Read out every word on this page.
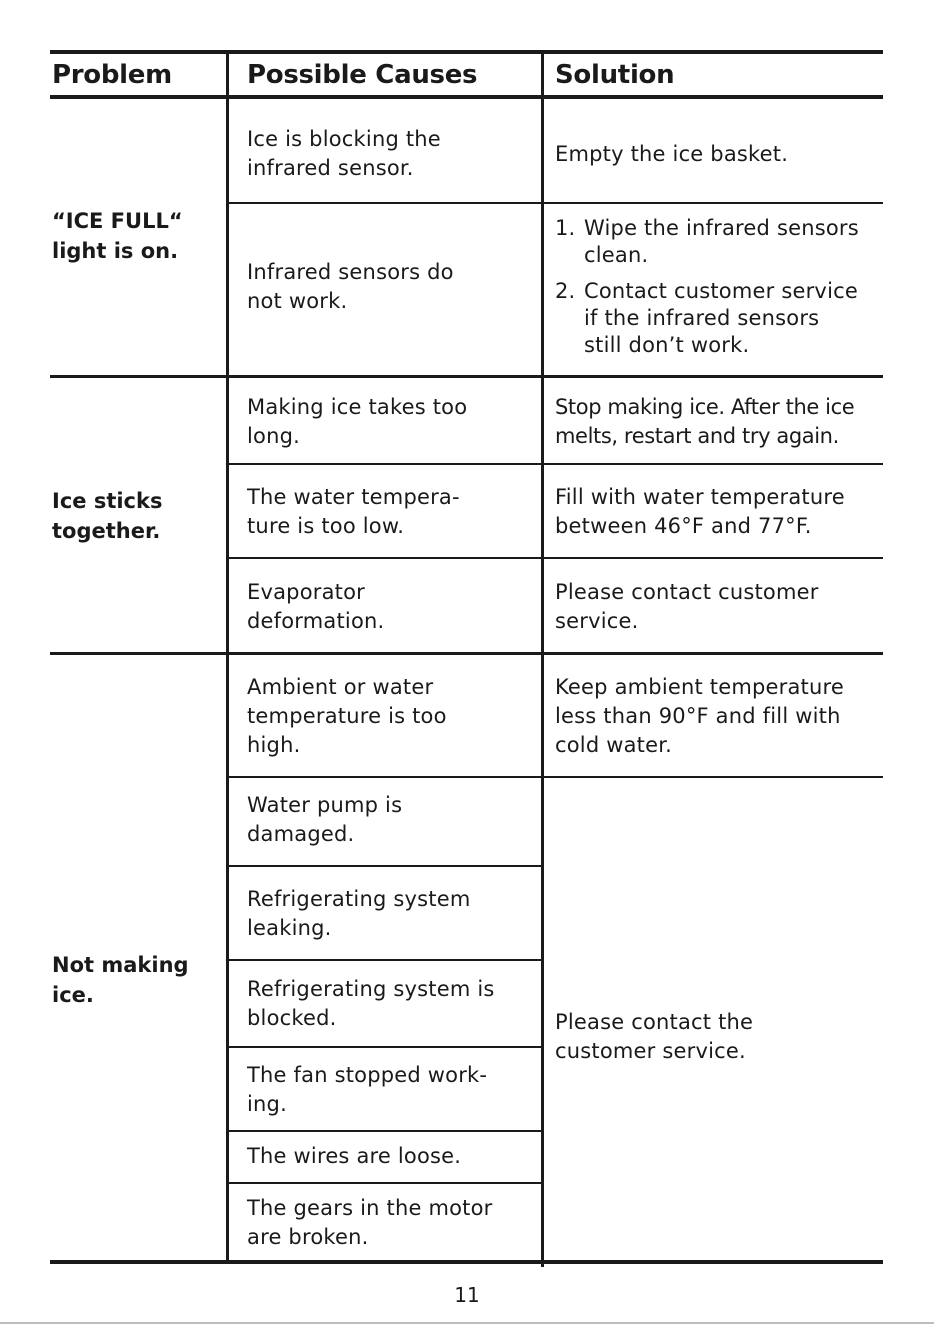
Problem	Possible Causes	Solution
“ICE FULL“
light is on.
Ice is blocking the
infrared sensor.
Empty the ice basket.
Infrared sensors do
not work.
1. Wipe the infrared sensors
clean.
2. Contact customer service
if the infrared sensors
still don’t work.
Ice sticks
together.
Making ice takes too
long.
Stop making ice. After the ice
melts, restart and try again.
The water tempera-
ture is too low.
Fill with water temperature
between 46°F and 77°F.
Evaporator
deformation.
Please contact customer
service.
Not making
ice.
Ambient or water
temperature is too
high.
Keep ambient temperature
less than 90°F and fill with
cold water.
Water pump is
damaged.
Refrigerating system
leaking.
Refrigerating system is
blocked.
The fan stopped work-
ing.
The wires are loose.
The gears in the motor
are broken.
Please contact the
customer service.
11
